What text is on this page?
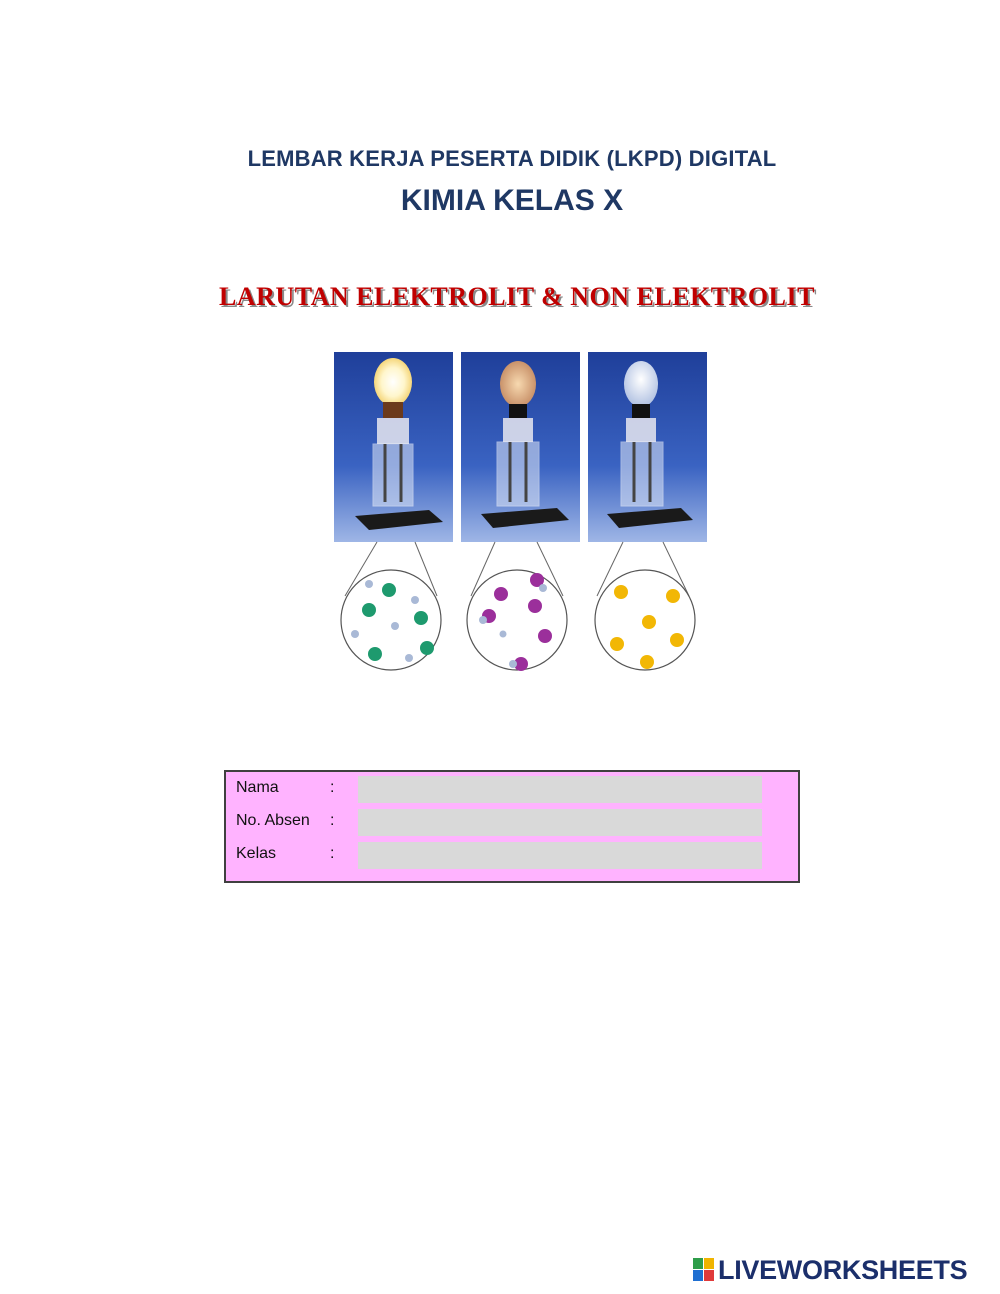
LEMBAR KERJA PESERTA DIDIK (LKPD) DIGITAL
KIMIA KELAS X
LARUTAN ELEKTROLIT & NON ELEKTROLIT
Nama	:
No. Absen :
Kelas	:
LIVEWORKSHEETS
